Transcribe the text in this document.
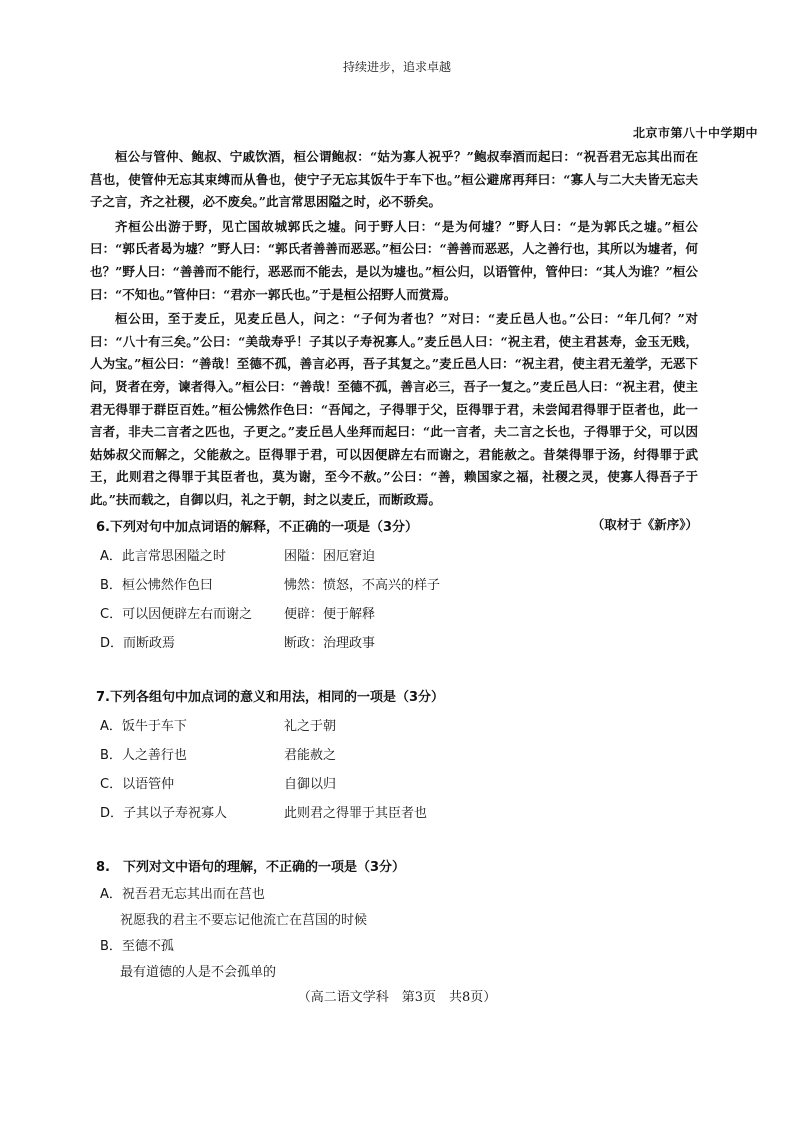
持续进步，追求卓越
北京市第八十中学期中

桓公与管仲、鲍叔、宁戚饮酒，桓公谓鲍叔：“姑为寡人祝乎？”鲍叔奉酒而起曰：“祝吾君无忘其出而在莒也，使管仲无忘其束缚而从鲁也，使宁子无忘其饭牛于车下也。”桓公避席再拜曰：“寡人与二大夫皆无忘夫子之言，齐之社稷，必不废矣。”此言常思困隘之时，必不骄矣。

齐桓公出游于野，见亡国故城郭氏之墟。问于野人曰：“是为何墟？”野人曰：“是为郭氏之墟。”桓公曰：“郭氏者曷为墟？”野人曰：“郭氏者善善而恶恶。”桓公曰：“善善而恶恶，人之善行也，其所以为墟者，何也？”野人曰：“善善而不能行，恶恶而不能去，是以为墟也。”桓公归，以语管仲，管仲曰：“其人为谁？”桓公曰：“不知也。”管仲曰：“君亦一郭氏也。”于是桓公招野人而赏焉。

桓公田，至于麦丘，见麦丘邑人，问之：“子何为者也？”对曰：“麦丘邑人也。”公曰：“年几何？”对曰：“八十有三矣。”公曰：“美哉寿乎！子其以子寿祝寡人。”麦丘邑人曰：“祝主君，使主君甚寿，金玉无贱，人为宝。”桓公曰：“善哉！至德不孤，善言必再，吾子其复之。”麦丘邑人曰：“祝主君，使主君无羞学，无恶下问，贤者在旁，谏者得入。”桓公曰：“善哉！至德不孤，善言必三，吾子一复之。”麦丘邑人曰：“祝主君，使主君无得罪于群臣百姓。”桓公怫然作色曰：“吾闻之，子得罪于父，臣得罪于君，未尝闻君得罪于臣者也，此一言者，非夫二言者之匹也，子更之。”麦丘邑人坐拜而起曰：“此一言者，夫二言之长也，子得罪于父，可以因姑姊叔父而解之，父能赦之。臣得罪于君，可以因便辟左右而谢之，君能赦之。昔桀得罪于汤，纣得罪于武王，此则君之得罪于其臣者也，莫为谢，至今不赦。”公曰：“善，赖国家之福，社稷之灵，使寡人得吾子于此。”扶而载之，自御以归，礼之于朝，封之以麦丘，而断政焉。

（取材于《新序》）

6.下列对句中加点词语的解释，不正确的一项是（3分）

A．此言常思困隘之时	困隘：困厄窘迫
B．桓公怫然作色曰	怫然：愤怒，不高兴的样子
C．可以因便辟左右而谢之	便辟：便于解释
D．而断政焉	断政：治理政事

7.下列各组句中加点词的意义和用法，相同的一项是（3分）

A．饭牛于车下	礼之于朝
B．人之善行也	君能赦之
C．以语管仲	自御以归
D．子其以子寿祝寡人	此则君之得罪于其臣者也

8.　下列对文中语句的理解，不正确的一项是（3分）

A．祝吾君无忘其出而在莒也
祝愿我的君主不要忘记他流亡在莒国的时候
B．至德不孤
最有道德的人是不会孤单的
（高二语文学科　第3页　共8页）
